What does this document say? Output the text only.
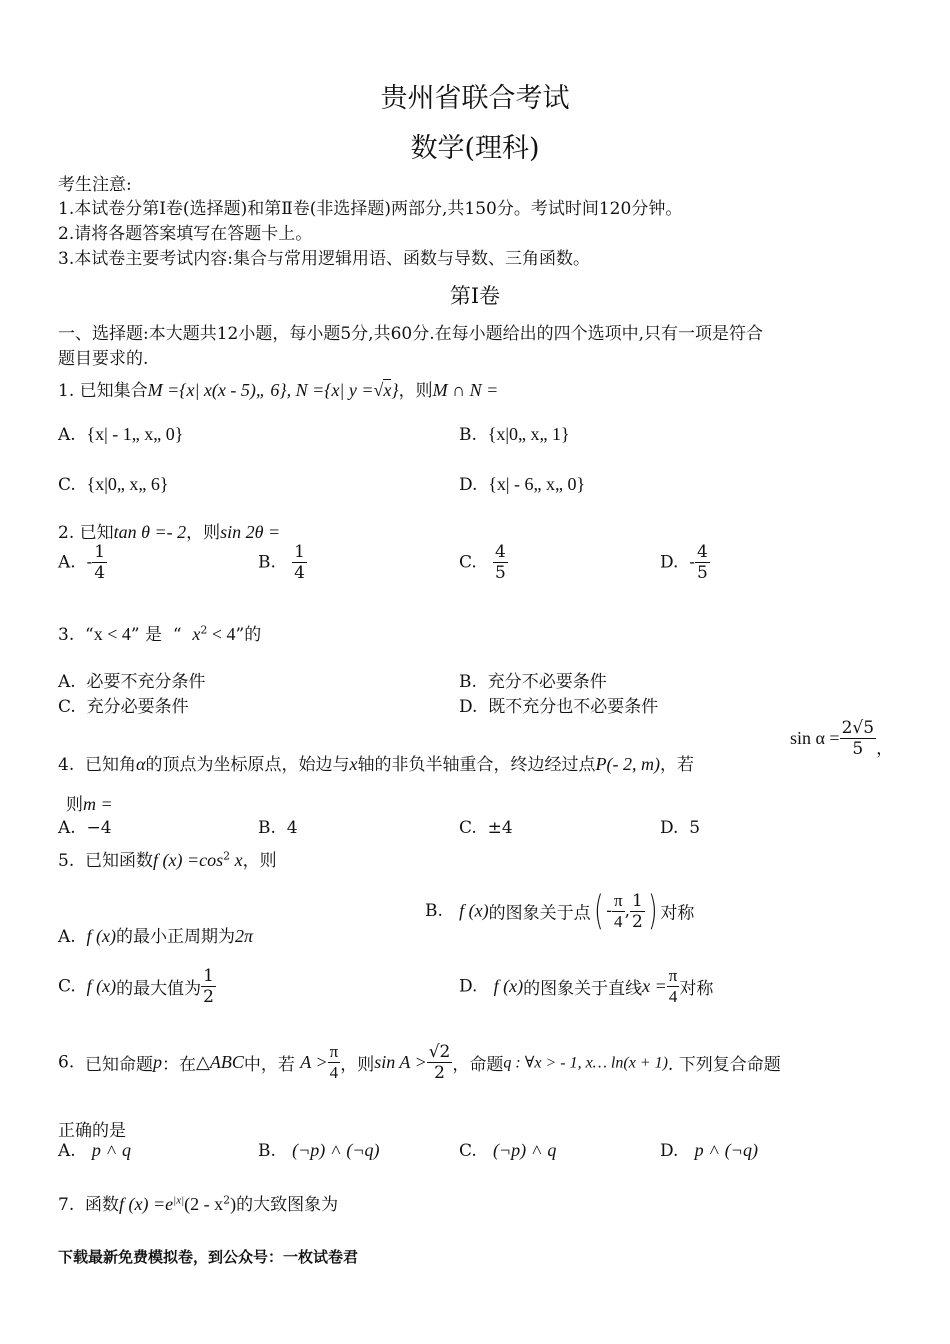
贵州省联合考试
数学(理科)
考生注意:
1.本试卷分第Ⅰ卷(选择题)和第Ⅱ卷(非选择题)两部分,共150分。考试时间120分钟。
2.请将各题答案填写在答题卡上。
3.本试卷主要考试内容:集合与常用逻辑用语、函数与导数、三角函数。
第Ⅰ卷
一、选择题:本大题共12小题，每小题5分,共60分.在每小题给出的四个选项中,只有一项是符合
题目要求的.
1. 已知集合M ={x| x(x - 5)„ 6}, N ={x| y =√x}，则M ∩ N =
A. {x| - 1„ x„ 0}	B. {x|0„ x„ 1}
C. {x|0„ x„ 6}	D. {x| - 6„ x„ 0}
2. 已知tan θ =- 2，则sin 2θ =
A. - $\frac{1}{4}$	B. $\frac{1}{4}$	C. $\frac{4}{5}$	D. - $\frac{4}{5}$
3. “x < 4” 是 “ $x^2 < 4$”的
A. 必要不充分条件	B. 充分不必要条件
C. 充分必要条件	D. 既不充分也不必要条件
4. 已知角α的顶点为坐标原点，始边与x轴的非负半轴重合，终边经过点P(- 2, m)，若
$\sin \alpha = \frac{2√5}{5}$ ，
则m =
A. −4	B. 4	C. ±4	D. 5
5. 已知函数f $(x) =\cos^2$ x，则
A. f (x)的最小正周期为2π
B. f (x)的图象关于点( - $\frac{\pi}{4}$ , $\frac{1}{2}$ ) 对称
C. f (x)的最大值为 $\frac{1}{2}$	D. f (x)的图象关于直线$x = \frac{\pi}{4}$ 对称
6. 已知命题p：在△ABC中，若 $A > \frac{\pi}{4}$ ，则$\sin A > \frac{√2}{2}$ ，命题q : ∀x > - 1, x… ln(x + 1). 下列复合命题
正确的是
A. p ˄ q	B. (¬p) ˄ (¬q)	C. (¬p) ˄ q	D. p ˄ (¬q)
7. 函数f $(x) =e^{|x|}(2 - x^2)$的大致图象为
下载最新免费模拟卷，到公众号：一枚试卷君
